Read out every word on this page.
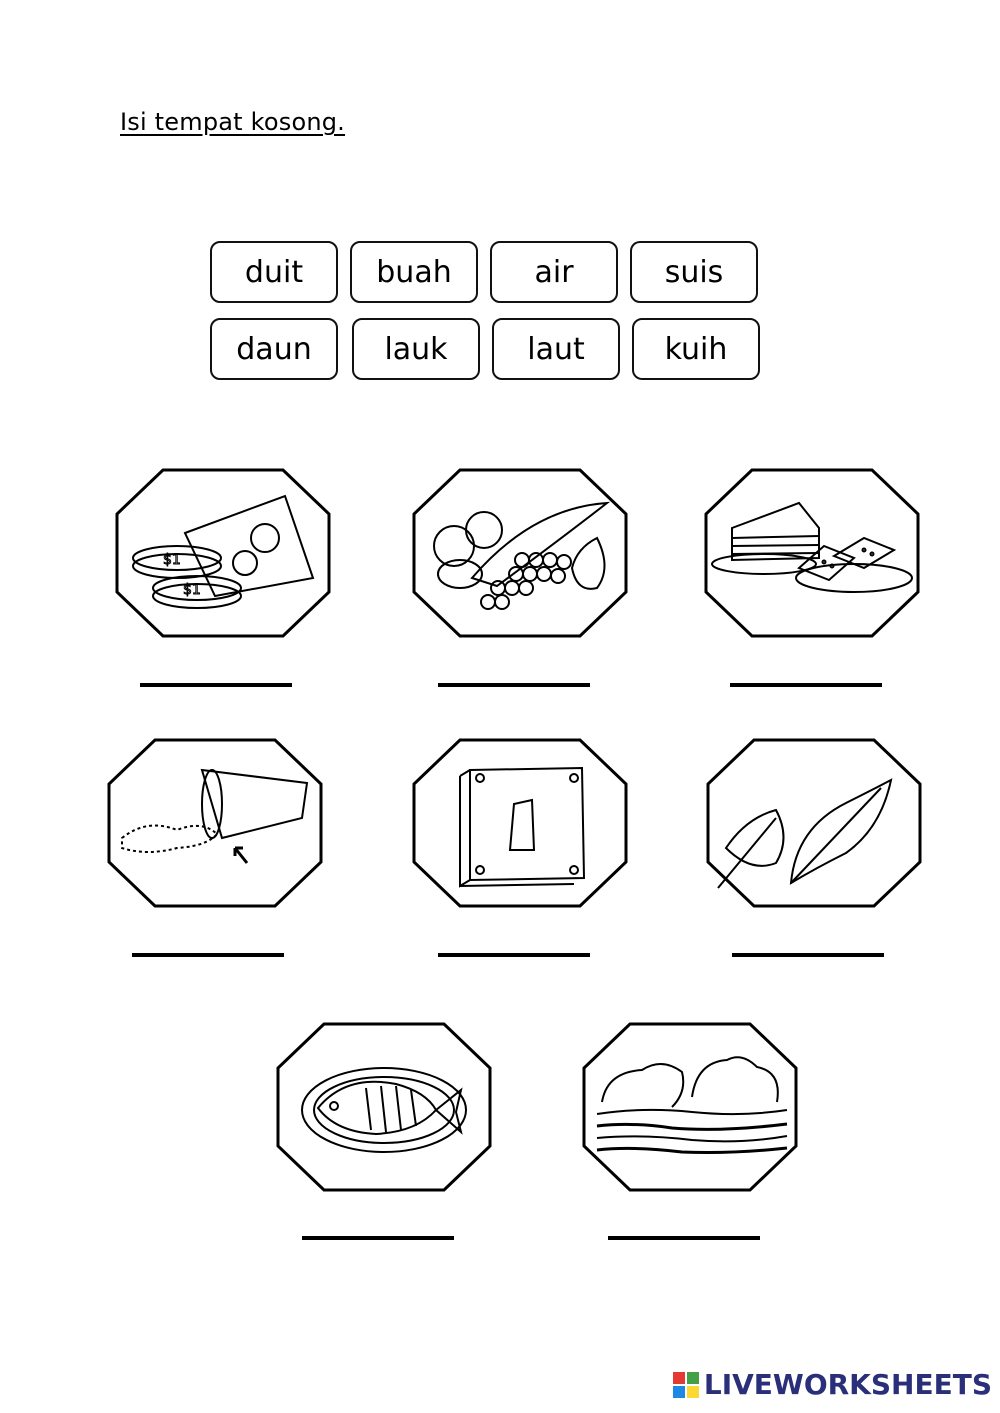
Isi tempat kosong.
duit	buah	air	suis
daun	lauk	laut	kuih
$1
$1
LIVEWORKSHEETS
